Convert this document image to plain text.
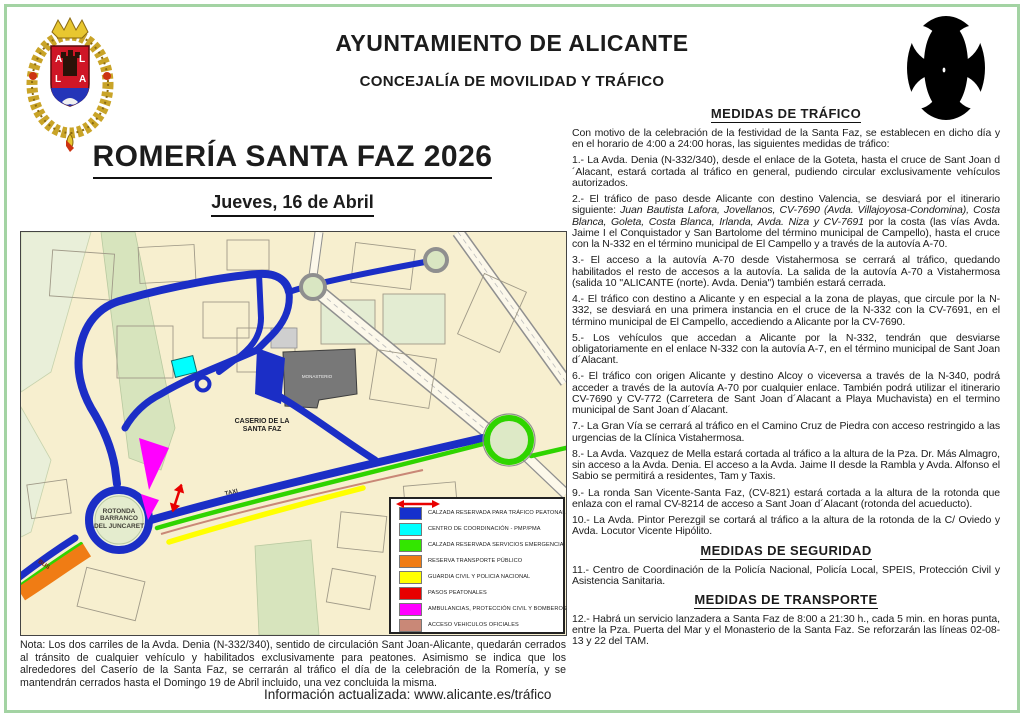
A L
L A
AYUNTAMIENTO DE ALICANTE
CONCEJALÍA DE MOVILIDAD Y TRÁFICO
ROMERÍA SANTA FAZ 2026
Jueves, 16 de Abril
ROTONDA
BARRANCO
DEL JUNCARET
CASERIO DE LA
SANTA FAZ
MONASTERIO
BUS
TAXI
CALZADA RESERVADA PARA TRÁFICO PEATONAL
CENTRO DE COORDINACIÓN - PMP/PMA
CALZADA RESERVADA SERVICIOS EMERGENCIA
RESERVA TRANSPORTE PÚBLICO
GUARDIA CIVIL Y POLICIA NACIONAL
PASOS PEATONALES
AMBULANCIAS, PROTECCIÓN CIVIL Y BOMBEROS
ACCESO VEHICULOS OFICIALES
Nota: Los dos carriles de la Avda. Denia (N-332/340), sentido de circulación Sant Joan-Alicante, quedarán cerrados al tránsito de cualquier vehículo y habilitados exclusivamente para peatones. Asimismo se indica que los alrededores del Caserío de la Santa Faz, se cerrarán al tráfico el día de la celebración de la Romería, y se mantendrán cerrados hasta el Domingo 19 de Abril incluido, una vez concluida la misma.
Información actualizada: www.alicante.es/tráfico
MEDIDAS DE TRÁFICO

Con motivo de la celebración de la festividad de la Santa Faz, se establecen en dicho día y en el horario de 4:00 a 24:00 horas, las siguientes medidas de tráfico:

1.- La Avda. Denia (N-332/340), desde el enlace de la Goteta, hasta el cruce de Sant Joan d´Alacant, estará cortada al tráfico en general, pudiendo circular exclusivamente vehículos autorizados.

2.- El tráfico de paso desde Alicante con destino Valencia, se desviará por el itinerario siguiente: Juan Bautista Lafora, Jovellanos, CV-7690 (Avda. Villajoyosa-Condomina), Costa Blanca, Goleta, Costa Blanca, Irlanda, Avda. Niza y CV-7691 por la costa (las vías Avda. Jaime I el Conquistador y San Bartolome del término municipal de Campello), hasta el cruce con la N-332 en el término municipal de El Campello y a través de la autovía A-70.

3.- El acceso a la autovía A-70 desde Vistahermosa se cerrará al tráfico, quedando habilitados el resto de accesos a la autovía. La salida de la autovía A-70 a Vistahermosa (salida 10 "ALICANTE (norte). Avda. Denia") también estará cerrada.

4.- El tráfico con destino a Alicante y en especial a la zona de playas, que circule por la N-332, se desviará en una primera instancia en el cruce de la N-332 con la CV-7691, en el término municipal de El Campello, accediendo a Alicante por la CV-7690.

5.- Los vehículos que accedan a Alicante por la N-332, tendrán que desviarse obligatoriamente en el enlace N-332 con la autovía A-7, en el término municipal de Sant Joan d´Alacant.

6.- El tráfico con origen Alicante y destino Alcoy o viceversa a través de la N-340, podrá acceder a través de la autovía A-70 por cualquier enlace. También podrá utilizar el itinerario CV-7690 y CV-772 (Carretera de Sant Joan d´Alacant a Playa Muchavista) en el termino municipal de Sant Joan d´Alacant.

7.- La Gran Vía se cerrará al tráfico en el Camino Cruz de Piedra con acceso restringido a las urgencias de la Clínica Vistahermosa.

8.- La Avda. Vazquez de Mella estará cortada al tráfico a la altura de la Pza. Dr. Más Almagro, sin acceso a la Avda. Denia. El acceso a la Avda. Jaime II desde la Rambla y Avda. Alfonso el Sabio se permitirá a residentes, Tam y Taxis.

9.- La ronda San Vicente-Santa Faz, (CV-821) estará cortada a la altura de la rotonda que enlaza con el ramal CV-8214 de acceso a Sant Joan d´Alacant (rotonda del acueducto).

10.- La Avda. Pintor Perezgil se cortará al tráfico a la altura de la rotonda de la C/ Oviedo y Avda. Locutor Vicente Hipólito.

MEDIDAS DE SEGURIDAD

11.- Centro de Coordinación de la Policía Nacional, Policía Local, SPEIS, Protección Civil y Asistencia Sanitaria.

MEDIDAS DE TRANSPORTE

12.- Habrá un servicio lanzadera a Santa Faz de 8:00 a 21:30 h., cada 5 min. en horas punta, entre la Pza. Puerta del Mar y el Monasterio de la Santa Faz. Se reforzarán las líneas 02-08-13 y 22 del TAM.
